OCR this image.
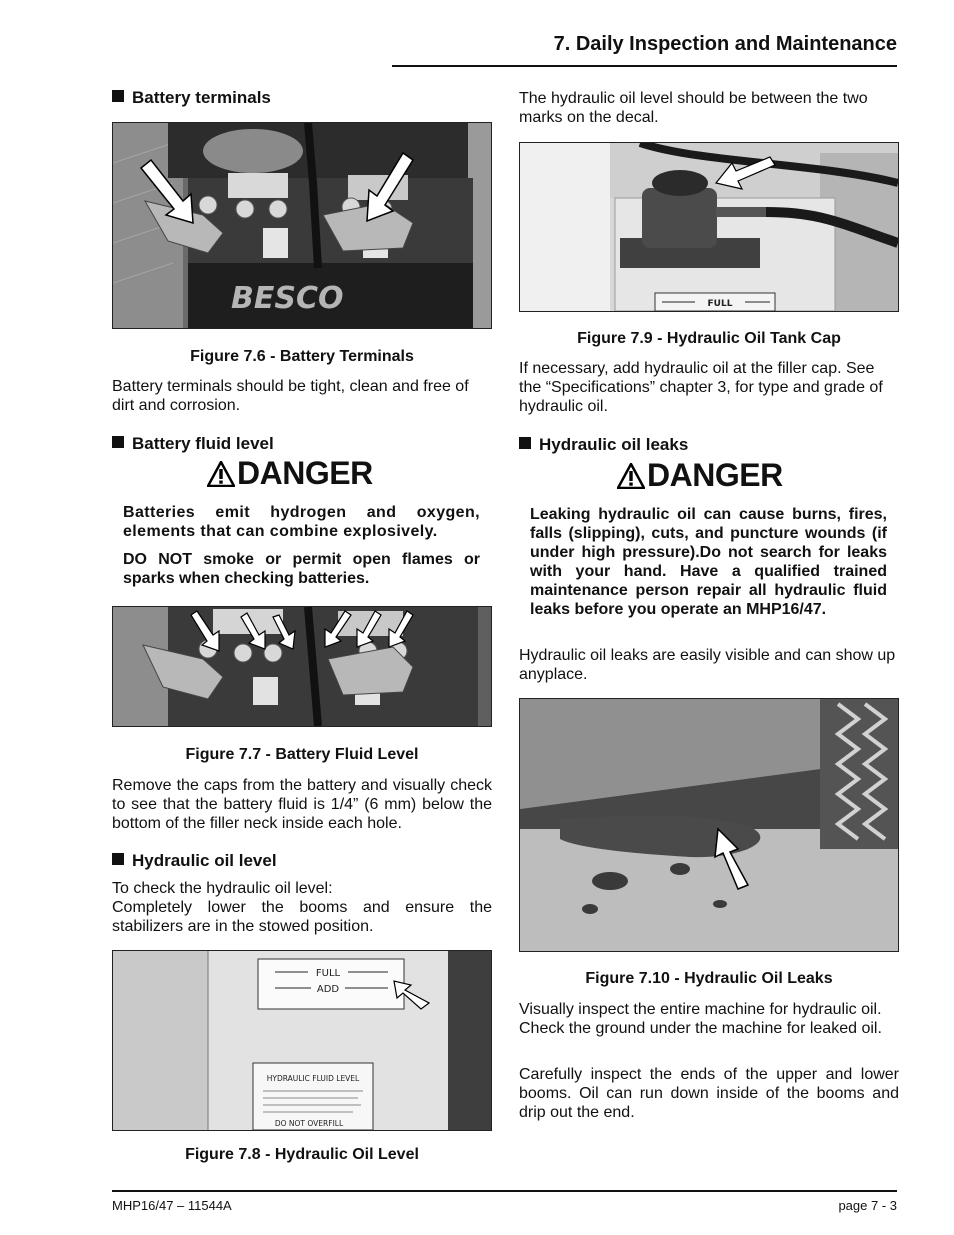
7. Daily Inspection and Maintenance
Battery terminals
BESCO
Figure 7.6 - Battery Terminals
Battery terminals should be tight, clean and free of dirt and corrosion.
Battery fluid level
DANGER
Batteries emit hydrogen and oxygen, elements that can combine explosively.
DO NOT smoke or permit open flames or sparks when checking batteries.
Figure 7.7 - Battery Fluid Level
Remove the caps from the battery and visually check to see that the battery fluid is 1/4” (6 mm) below the bottom of the filler neck inside each hole.
Hydraulic oil level
To check the hydraulic oil level:
Completely lower the booms and ensure the stabilizers are in the stowed position.
FULL
ADD
HYDRAULIC FLUID LEVEL
DO NOT OVERFILL
Figure 7.8 - Hydraulic Oil Level
The hydraulic oil level should be between the two marks on the decal.
FULL
Figure 7.9 - Hydraulic Oil Tank Cap
If necessary, add hydraulic oil at the filler cap. See the “Specifications” chapter 3, for type and grade of hydraulic oil.
Hydraulic oil leaks
DANGER
Leaking hydraulic oil can cause burns, fires, falls (slipping), cuts, and puncture wounds (if under high pressure).Do not search for leaks with your hand. Have a qualified trained maintenance person repair all hydraulic fluid leaks before you operate an MHP16/47.
Hydraulic oil leaks are easily visible and can show up anyplace.
Figure 7.10 - Hydraulic Oil Leaks
Visually inspect the entire machine for hydraulic oil. Check the ground under the machine for leaked oil.
Carefully inspect the ends of the upper and lower booms. Oil can run down inside of the booms and drip out the end.
MHP16/47 – 11544A	page 7 - 3
